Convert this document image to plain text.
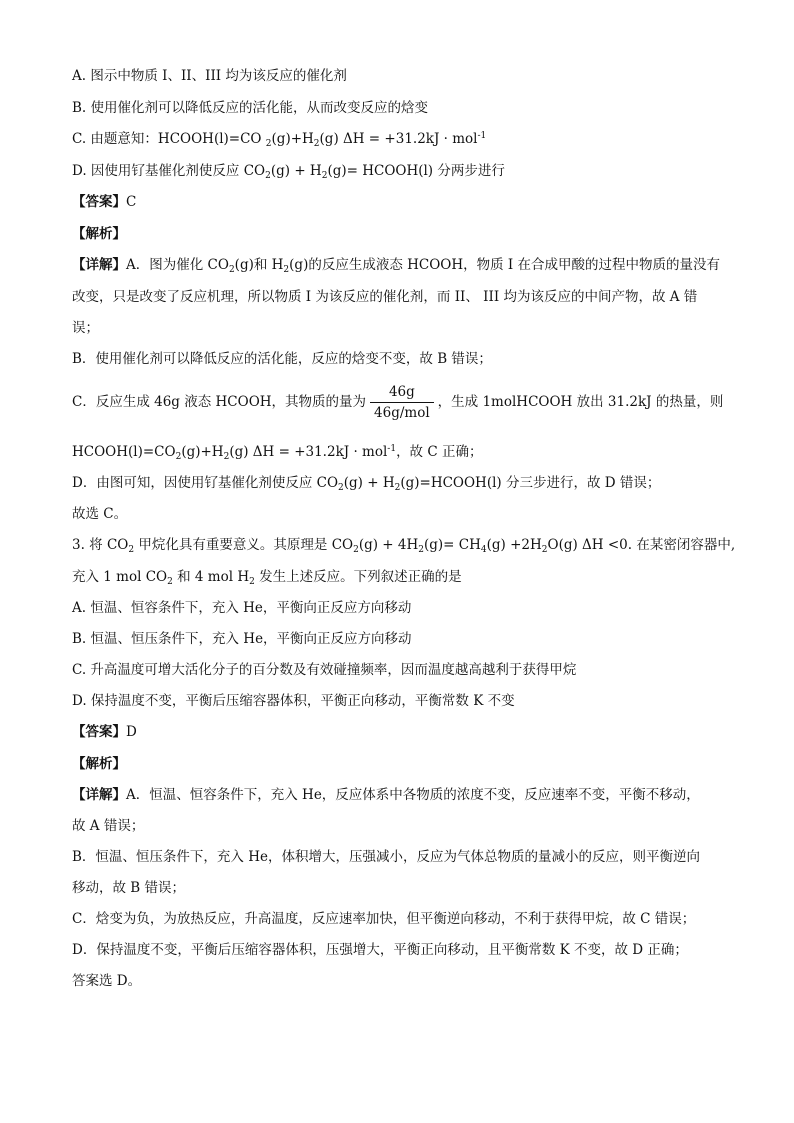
A. 图示中物质 I、II、III 均为该反应的催化剂
B. 使用催化剂可以降低反应的活化能，从而改变反应的焓变
C. 由题意知：HCOOH(l)=CO $_2(g)+H_2(g) \Delta H = +31.2kJ \cdot mol^{-1}$
D. 因使用钌基催化剂使反应 $CO_2(g) + H_2(g)=$ HCOOH(l) 分两步进行
【答案】C
【解析】
【详解】A．图为催化 $CO_2(g)$和 $H_2(g)$的反应生成液态 HCOOH，物质 I 在合成甲酸的过程中物质的量没有
改变，只是改变了反应机理，所以物质 I 为该反应的催化剂，而 II、 III 均为该反应的中间产物，故 A 错
误；
B．使用催化剂可以降低反应的活化能，反应的焓变不变，故 B 错误；
C．反应生成 46g 液态 HCOOH，其物质的量为 $\frac{46g}{\text{46g/mol}}$ ，生成 1molHCOOH 放出 31.2kJ 的热量，则
$HCOOH(l)=CO_2(g)+H_2(g) \Delta H = +31.2kJ \cdot mol^{-1}$，故 C 正确；
D．由图可知，因使用钌基催化剂使反应 $CO_2(g)$ + $H_2(g)=HCOOH(l)$ 分三步进行，故 D 错误；
故选 C。
3. 将 $CO_2$ 甲烷化具有重要意义。其原理是 $CO_2(g) + 4H_2(g)= CH_4(g) +2H_2O(g)$ ΔH <0. 在某密闭容器中,
充入 1 mol $CO_2$ 和 4 mol $H_2$ 发生上述反应。下列叙述正确的是
A. 恒温、恒容条件下，充入 He，平衡向正反应方向移动
B. 恒温、恒压条件下，充入 He，平衡向正反应方向移动
C. 升高温度可增大活化分子的百分数及有效碰撞频率，因而温度越高越利于获得甲烷
D. 保持温度不变，平衡后压缩容器体积，平衡正向移动，平衡常数 K 不变
【答案】D
【解析】
【详解】A．恒温、恒容条件下，充入 He，反应体系中各物质的浓度不变，反应速率不变，平衡不移动，
故 A 错误；
B．恒温、恒压条件下，充入 He，体积增大，压强减小，反应为气体总物质的量减小的反应，则平衡逆向
移动，故 B 错误；
C．焓变为负，为放热反应，升高温度，反应速率加快，但平衡逆向移动，不利于获得甲烷，故 C 错误；
D．保持温度不变，平衡后压缩容器体积，压强增大，平衡正向移动，且平衡常数 K 不变，故 D 正确；
答案选 D。
